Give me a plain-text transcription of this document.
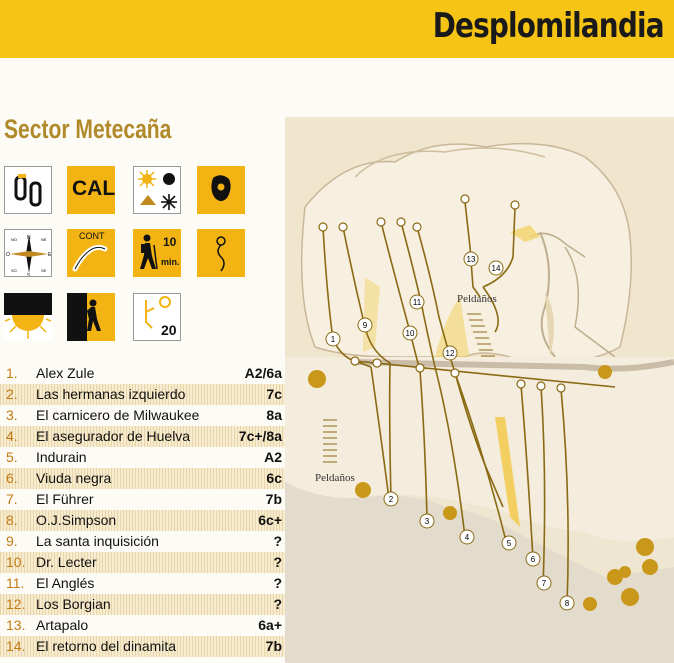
Desplomilandia
Sector Metecaña
CAL
N
S
E
O
NO	NE
SO	SE
CONT	10
min.
20
1. Alex Zule	A2/6a
2. Las hermanas izquierdo	7c
3. El carnicero de Milwaukee	8a
4. El asegurador de Huelva	7c+/8a
5. Indurain	A2
6. Viuda negra	6c
7. El Führer	7b
8. O.J.Simpson	6c+
9. La santa inquisición	?
10. Dr. Lecter	?
11. El Anglés	?
12. Los Borgian	?
13. Artapalo	6a+
14. El retorno del dinamita	7b
1
2
3
4
5
6
7
8
9
10
11
12
13
14
Peldaños
Peldaños
